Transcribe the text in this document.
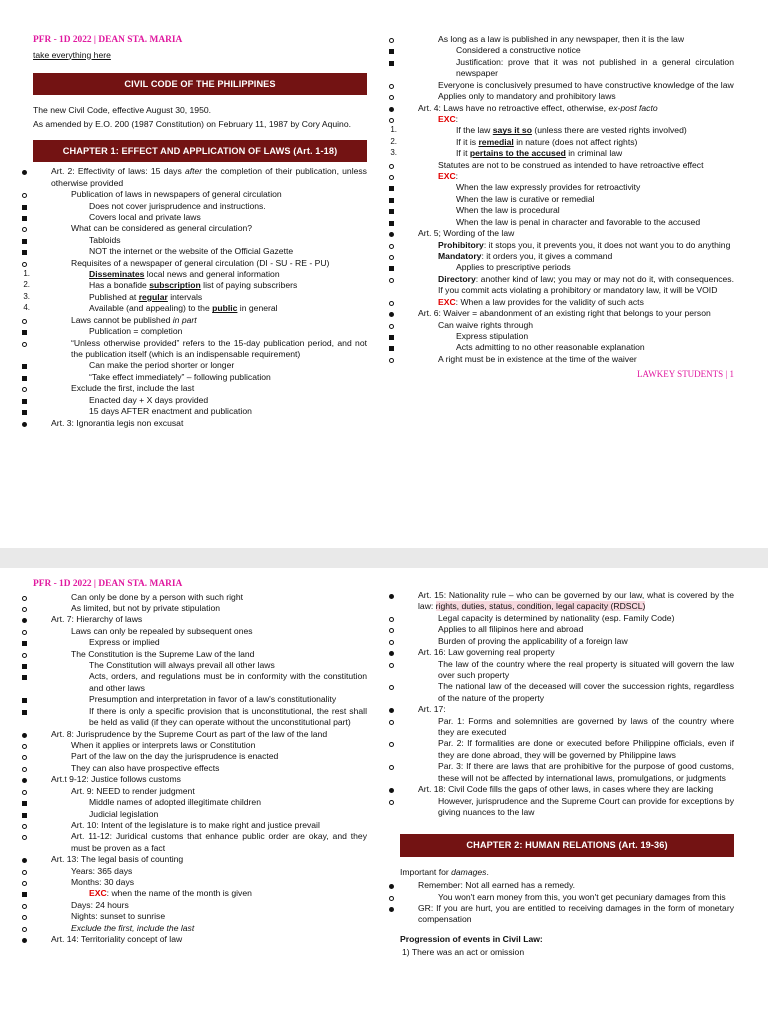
PFR - 1D 2022 | DEAN STA. MARIA
take everything here
CIVIL CODE OF THE PHILIPPINES
The new Civil Code, effective August 30, 1950.
As amended by E.O. 200 (1987 Constitution) on February 11, 1987 by Cory Aquino.
CHAPTER 1: EFFECT AND APPLICATION OF LAWS (Art. 1-18)
Art. 2: Effectivity of laws: 15 days after the completion of their publication, unless otherwise provided
Publication of laws in newspapers of general circulation
Does not cover jurisprudence and instructions.
Covers local and private laws
What can be considered as general circulation?
Tabloids
NOT the internet or the website of the Official Gazette
Requisites of a newspaper of general circulation (DI - SU - RE - PU)
1.	Disseminates local news and general information
2.	Has a bonafide subscription list of paying subscribers
3.	Published at regular intervals
4.	Available (and appealing) to the public in general
Laws cannot be published in part
Publication = completion
“Unless otherwise provided” refers to the 15-day publication period, and not the publication itself (which is an indispensable requirement)
Can make the period shorter or longer
“Take effect immediately” – following publication
Exclude the first, include the last
Enacted day + X days provided
15 days AFTER enactment and publication
Art. 3: Ignorantia legis non excusat
As long as a law is published in any newspaper, then it is the law
Considered a constructive notice
Justification: prove that it was not published in a general circulation newspaper
Everyone is conclusively presumed to have constructive knowledge of the law
Applies only to mandatory and prohibitory laws
Art. 4: Laws have no retroactive effect, otherwise, ex-post facto
EXC:
1.	If the law says it so (unless there are vested rights involved)
2.	If it is remedial in nature (does not affect rights)
3.	If it pertains to the accused in criminal law
Statutes are not to be construed as intended to have retroactive effect
EXC:
When the law expressly provides for retroactivity
When the law is curative or remedial
When the law is procedural
When the law is penal in character and favorable to the accused
Art. 5; Wording of the law
Prohibitory: it stops you, it prevents you, it does not want you to do anything
Mandatory: it orders you, it gives a command
Applies to prescriptive periods
Directory: another kind of law; you may or may not do it, with consequences. If you commit acts violating a prohibitory or mandatory law, it will be VOID
EXC: When a law provides for the validity of such acts
Art. 6: Waiver = abandonment of an existing right that belongs to your person
Can waive rights through
Express stipulation
Acts admitting to no other reasonable explanation
A right must be in existence at the time of the waiver
LAWKEY STUDENTS | 1
PFR - 1D 2022 | DEAN STA. MARIA
Can only be done by a person with such right
As limited, but not by private stipulation
Art. 7: Hierarchy of laws
Laws can only be repealed by subsequent ones
Express or implied
The Constitution is the Supreme Law of the land
The Constitution will always prevail all other laws
Acts, orders, and regulations must be in conformity with the constitution and other laws
Presumption and interpretation in favor of a law's constitutionality
If there is only a specific provision that is unconstitutional, the rest shall be held as valid (if they can operate without the unconstitutional part)
Art. 8: Jurisprudence by the Supreme Court as part of the law of the land
When it applies or interprets laws or Constitution
Part of the law on the day the jurisprudence is enacted
They can also have prospective effects
Art.t 9-12: Justice follows customs
Art. 9: NEED to render judgment
Middle names of adopted illegitimate children
Judicial legislation
Art. 10: Intent of the legislature is to make right and justice prevail
Art. 11-12: Juridical customs that enhance public order are okay, and they must be proven as a fact
Art. 13: The legal basis of counting
Years: 365 days
Months: 30 days
EXC: when the name of the month is given
Days: 24 hours
Nights: sunset to sunrise
Exclude the first, include the last
Art. 14: Territoriality concept of law
Art. 15: Nationality rule – who can be governed by our law, what is covered by the law: rights, duties, status, condition, legal capacity (RDSCL)
Legal capacity is determined by nationality (esp. Family Code)
Applies to all filipinos here and abroad
Burden of proving the applicability of a foreign law
Art. 16: Law governing real property
The law of the country where the real property is situated will govern the law over such property
The national law of the deceased will cover the succession rights, regardless of the nature of the property
Art. 17:
Par. 1: Forms and solemnities are governed by laws of the country where they are executed
Par. 2: If formalities are done or executed before Philippine officials, even if they are done abroad, they will be governed by Philippine laws
Par. 3: If there are laws that are prohibitive for the purpose of good customs, these will not be affected by international laws, promulgations, or judgments
Art. 18: Civil Code fills the gaps of other laws, in cases where they are lacking
However, jurisprudence and the Supreme Court can provide for exceptions by giving nuances to the law
CHAPTER 2: HUMAN RELATIONS (Art. 19-36)
Important for damages.
Remember: Not all earned has a remedy.
You won't earn money from this, you won't get pecuniary damages from this
GR: If you are hurt, you are entitled to receiving damages in the form of monetary compensation
Progression of events in Civil Law:
1) There was an act or omission
